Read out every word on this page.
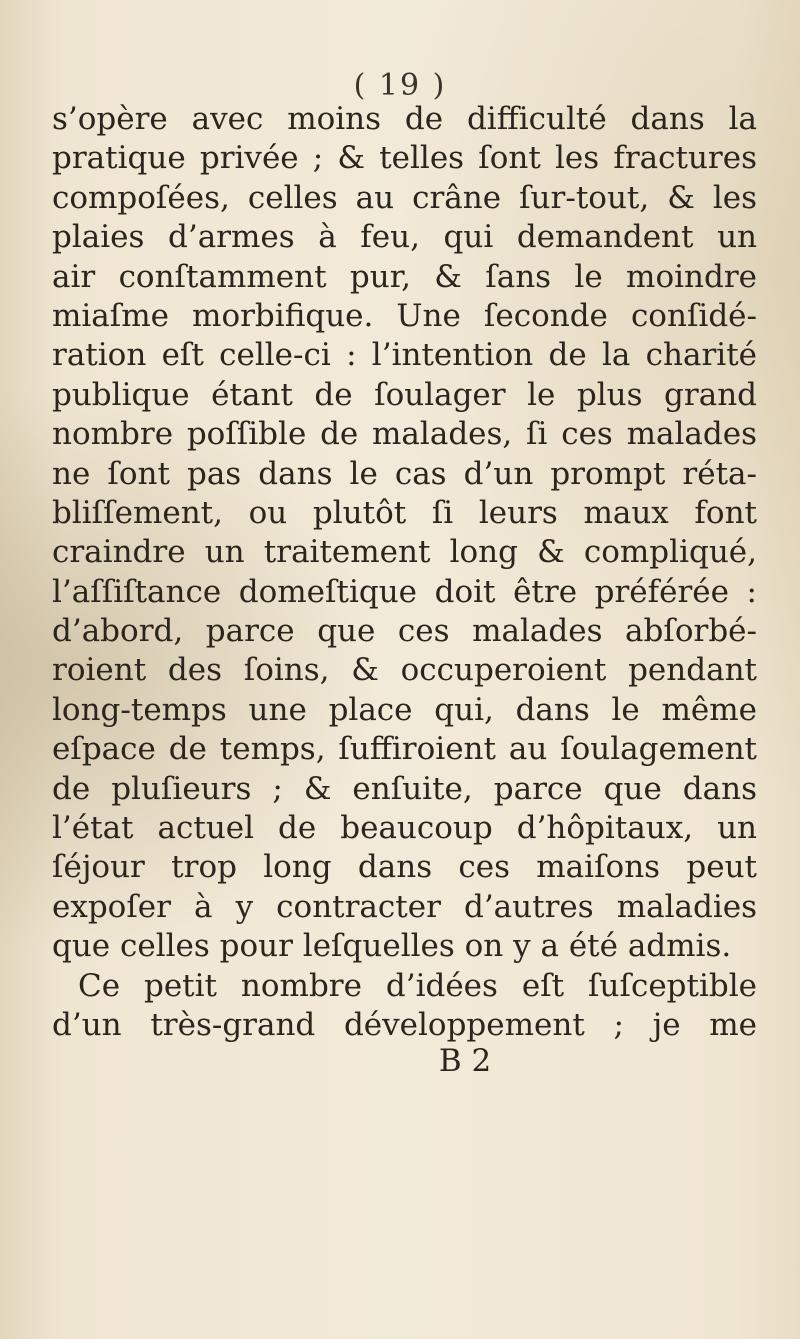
( 19 )
s’opère avec moins de difficulté dans la
pratique privée ; & telles ſont les fractures
compoſées, celles au crâne ſur-tout, & les
plaies d’armes à feu, qui demandent un
air conſtamment pur, & ſans le moindre
miaſme morbifique. Une ſeconde conſidé-
ration eſt celle-ci : l’intention de la charité
publique étant de ſoulager le plus grand
nombre poſſible de malades, ſi ces malades
ne ſont pas dans le cas d’un prompt réta-
bliſſement, ou plutôt ſi leurs maux font
craindre un traitement long & compliqué,
l’aſſiſtance domeſtique doit être préférée :
d’abord, parce que ces malades abſorbé-
roient des ſoins, & occuperoient pendant
long-temps une place qui, dans le même
eſpace de temps, ſuffiroient au ſoulagement
de pluſieurs ; & enſuite, parce que dans
l’état actuel de beaucoup d’hôpitaux, un
ſéjour trop long dans ces maiſons peut
expoſer à y contracter d’autres maladies
que celles pour leſquelles on y a été admis.
Ce petit nombre d’idées eſt ſuſceptible
d’un très-grand développement ; je me
B 2
